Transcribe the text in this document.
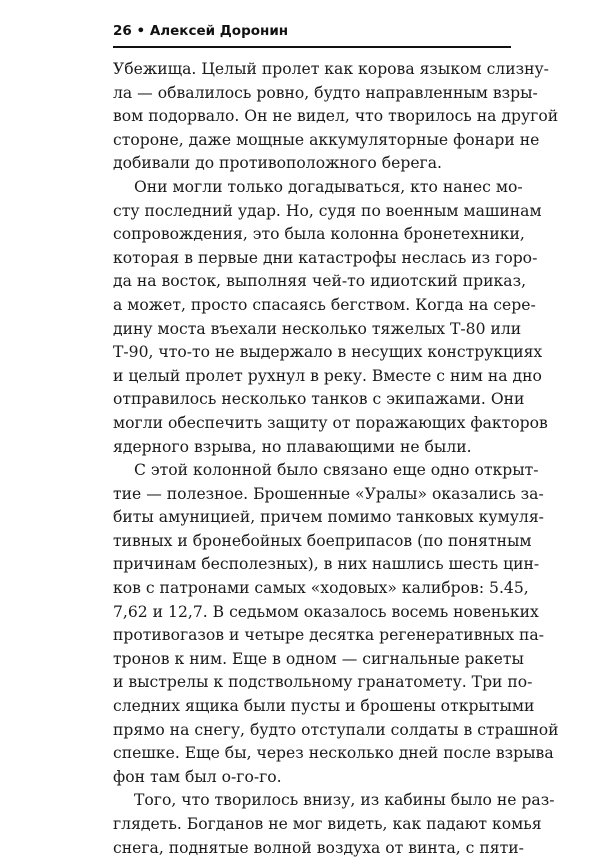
26 • Алексей Доронин
Убежища. Целый пролет как корова языком слизну-
ла — обвалилось ровно, будто направленным взры-
вом подорвало. Он не видел, что творилось на другой
стороне, даже мощные аккумуляторные фонари не
добивали до противоположного берега.
Они могли только догадываться, кто нанес мо-
сту последний удар. Но, судя по военным машинам
сопровождения, это была колонна бронетехники,
которая в первые дни катастрофы неслась из горо-
да на восток, выполняя чей-то идиотский приказ,
а может, просто спасаясь бегством. Когда на сере-
дину моста въехали несколько тяжелых Т-80 или
Т-90, что-то не выдержало в несущих конструкциях
и целый пролет рухнул в реку. Вместе с ним на дно
отправилось несколько танков с экипажами. Они
могли обеспечить защиту от поражающих факторов
ядерного взрыва, но плавающими не были.
С этой колонной было связано еще одно открыт-
тие — полезное. Брошенные «Уралы» оказались за-
биты амуницией, причем помимо танковых кумуля-
тивных и бронебойных боеприпасов (по понятным
причинам бесполезных), в них нашлись шесть цин-
ков с патронами самых «ходовых» калибров: 5.45,
7,62 и 12,7. В седьмом оказалось восемь новеньких
противогазов и четыре десятка регенеративных па-
тронов к ним. Еще в одном — сигнальные ракеты
и выстрелы к подствольному гранатомету. Три по-
следних ящика были пусты и брошены открытыми
прямо на снегу, будто отступали солдаты в страшной
спешке. Еще бы, через несколько дней после взрыва
фон там был о-го-го.
Того, что творилось внизу, из кабины было не раз-
глядеть. Богданов не мог видеть, как падают комья
снега, поднятые волной воздуха от винта, с пяти-
